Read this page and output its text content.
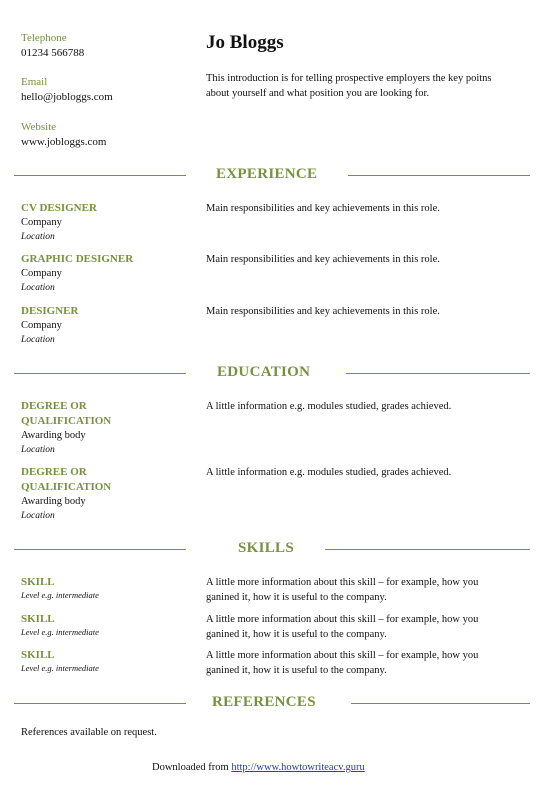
Telephone
01234 566788
Email
hello@jobloggs.com
Website
www.jobloggs.com
Jo Bloggs
This introduction is for telling prospective employers the key poitns
about yourself and what position you are looking for.
EXPERIENCE
CV DESIGNER
Company
Location
Main responsibilities and key achievements in this role.
GRAPHIC DESIGNER
Company
Location
Main responsibilities and key achievements in this role.
DESIGNER
Company
Location
Main responsibilities and key achievements in this role.
EDUCATION
DEGREE OR
QUALIFICATION
Awarding body
Location
A little information e.g. modules studied, grades achieved.
DEGREE OR
QUALIFICATION
Awarding body
Location
A little information e.g. modules studied, grades achieved.
SKILLS
SKILL
Level e.g. intermediate
A little more information about this skill – for example, how you
ganined it, how it is useful to the company.
SKILL
Level e.g. intermediate
A little more information about this skill – for example, how you
ganined it, how it is useful to the company.
SKILL
Level e.g. intermediate
A little more information about this skill – for example, how you
ganined it, how it is useful to the company.
REFERENCES
References available on request.
Downloaded from http://www.howtowriteacv.guru
